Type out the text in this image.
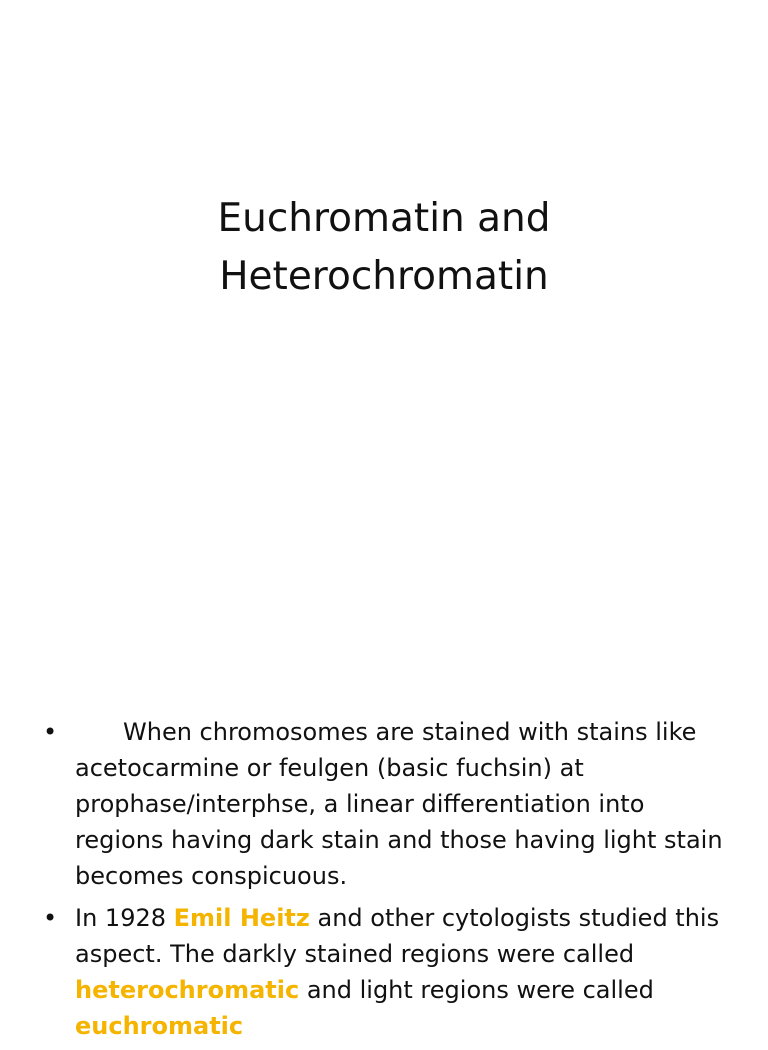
Euchromatin and
Heterochromatin
•	When chromosomes are stained with stains like acetocarmine or feulgen (basic fuchsin) at prophase/interphse, a linear differentiation into regions having dark stain and those having light stain becomes conspicuous.
• In 1928 Emil Heitz and other cytologists studied this aspect. The darkly stained regions were called heterochromatic and light regions were called euchromatic
